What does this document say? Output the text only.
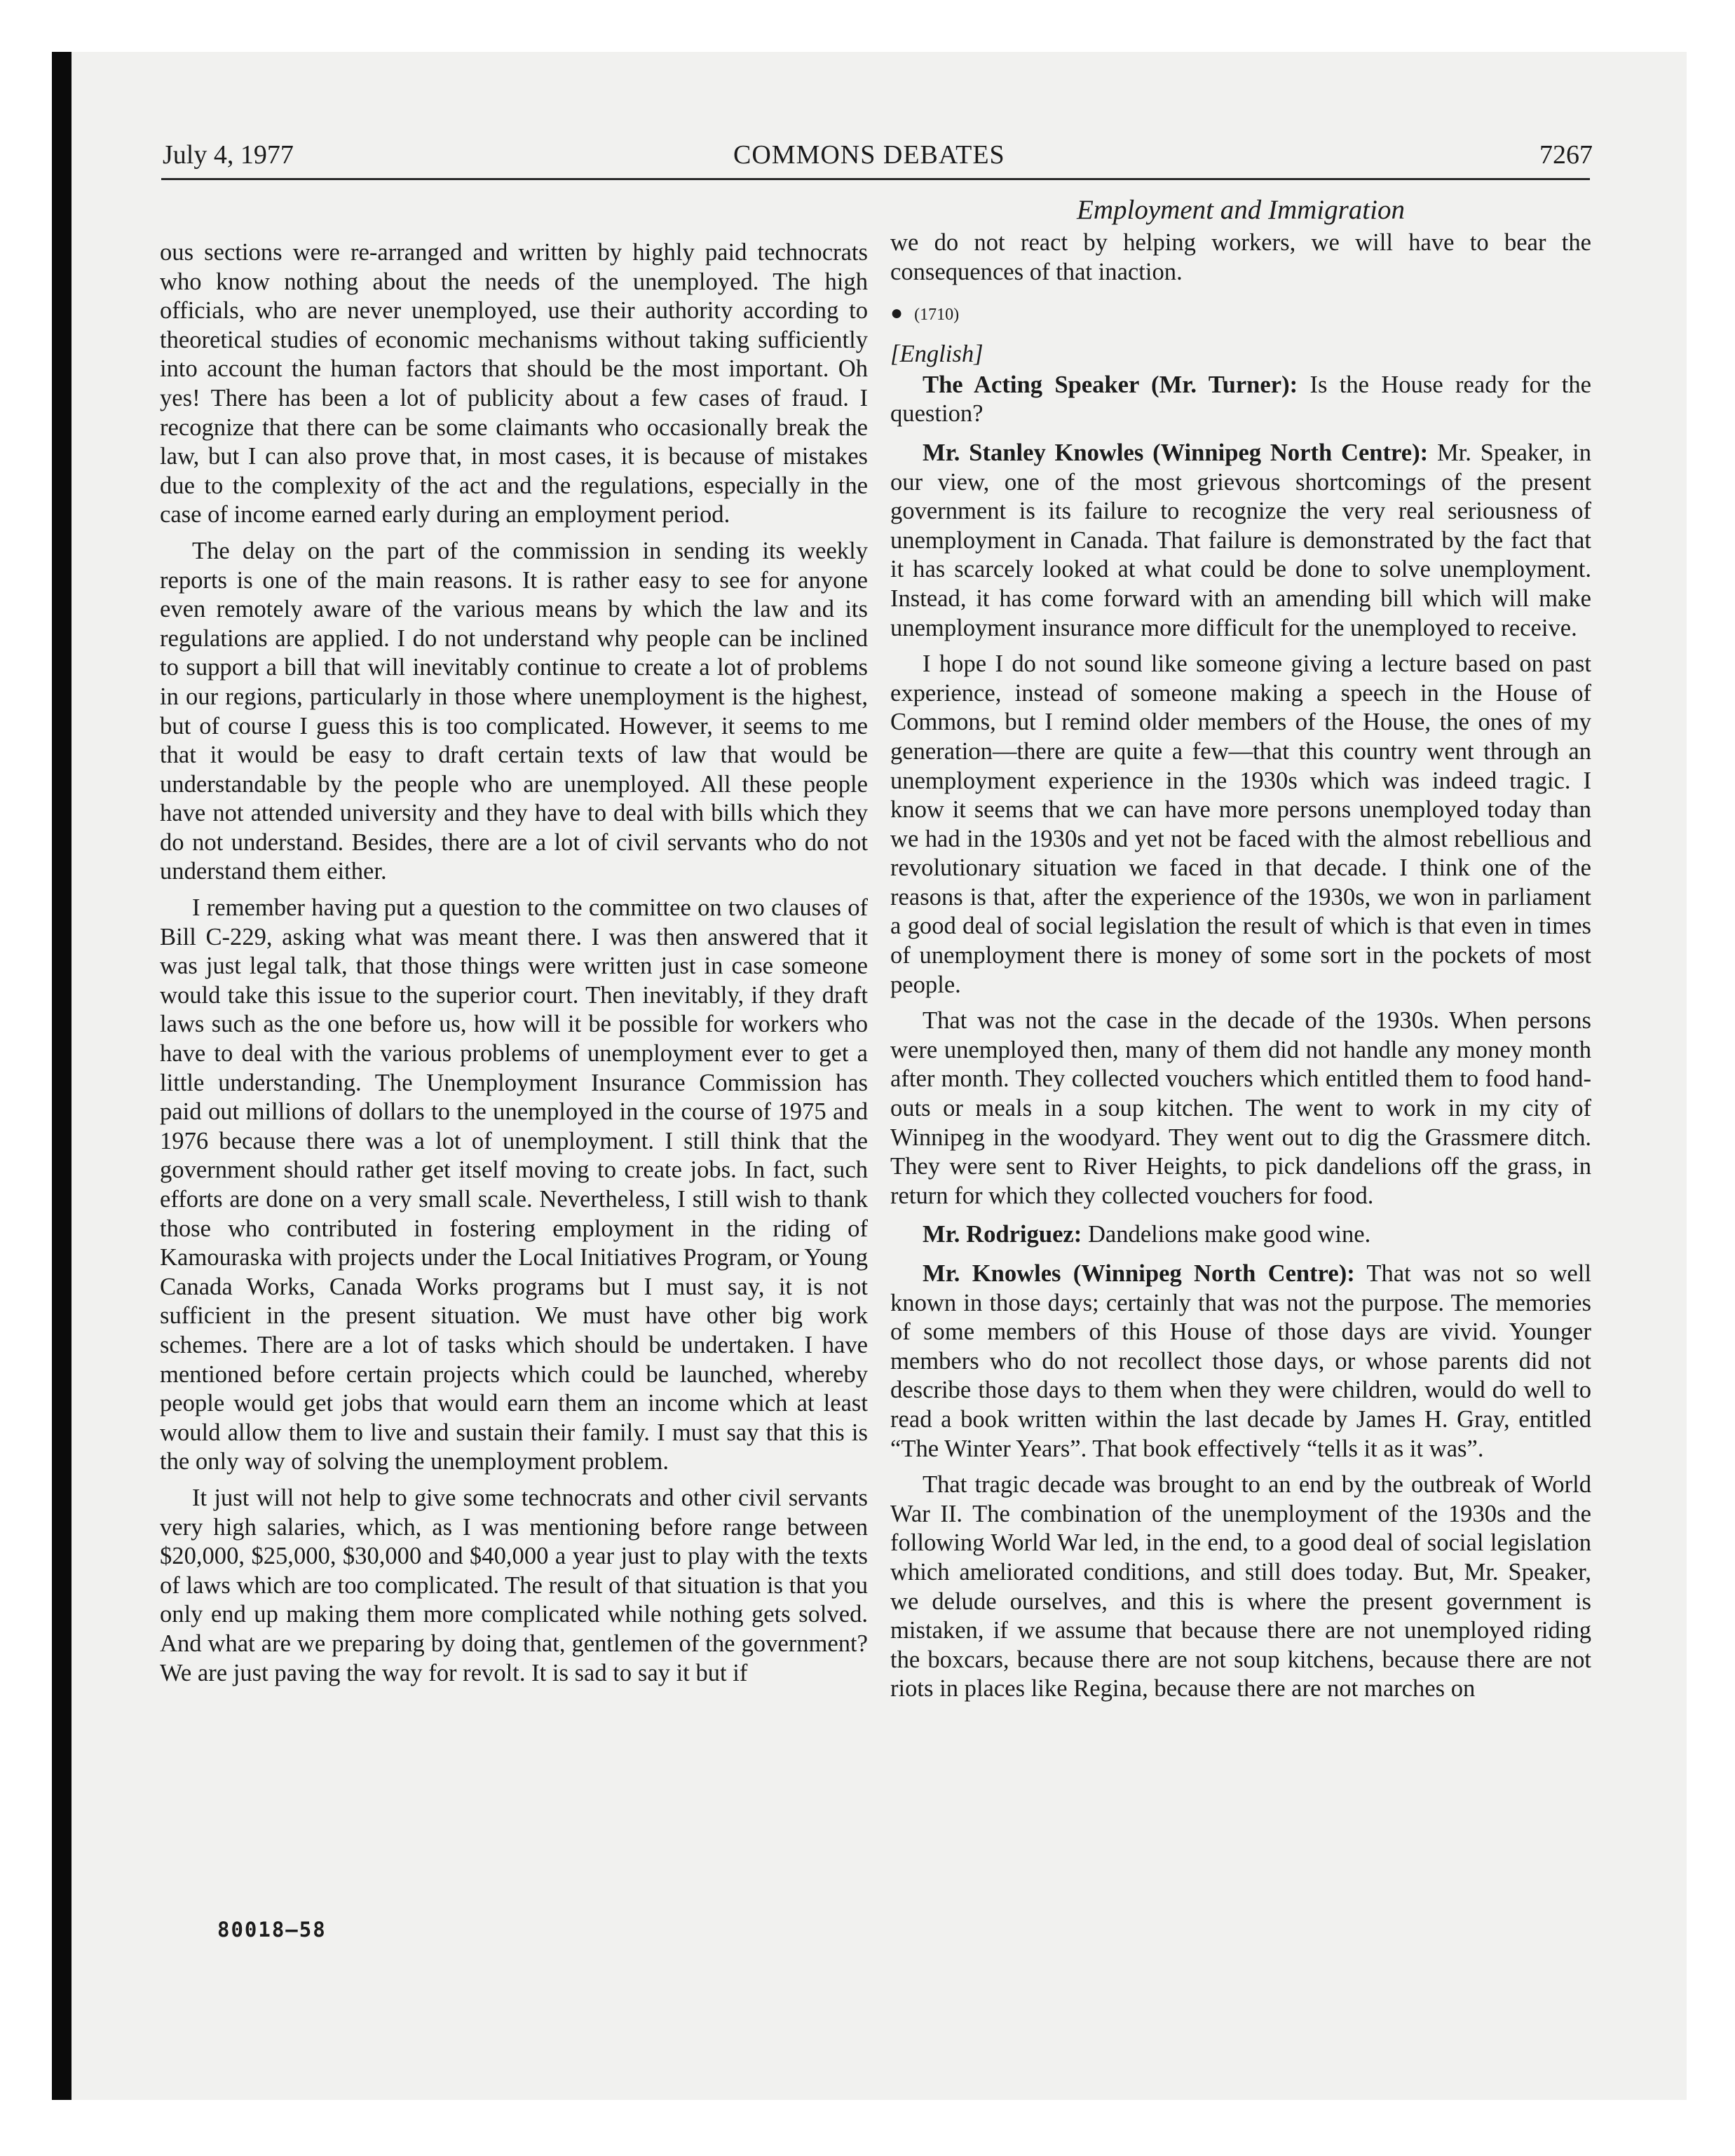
July 4, 1977	COMMONS DEBATES	7267
Employment and Immigration

ous sections were re-arranged and written by highly paid technocrats who know nothing about the needs of the unemployed. The high officials, who are never unemployed, use their authority according to theoretical studies of economic mechanisms without taking sufficiently into account the human factors that should be the most important. Oh yes! There has been a lot of publicity about a few cases of fraud. I recognize that there can be some claimants who occasionally break the law, but I can also prove that, in most cases, it is because of mistakes due to the complexity of the act and the regulations, especially in the case of income earned early during an employment period.

The delay on the part of the commission in sending its weekly reports is one of the main reasons. It is rather easy to see for anyone even remotely aware of the various means by which the law and its regulations are applied. I do not understand why people can be inclined to support a bill that will inevitably continue to create a lot of problems in our regions, particularly in those where unemployment is the highest, but of course I guess this is too complicated. However, it seems to me that it would be easy to draft certain texts of law that would be understandable by the people who are unemployed. All these people have not attended university and they have to deal with bills which they do not understand. Besides, there are a lot of civil servants who do not understand them either.

I remember having put a question to the committee on two clauses of Bill C-229, asking what was meant there. I was then answered that it was just legal talk, that those things were written just in case someone would take this issue to the superior court. Then inevitably, if they draft laws such as the one before us, how will it be possible for workers who have to deal with the various problems of unemployment ever to get a little understanding. The Unemployment Insurance Commission has paid out millions of dollars to the unemployed in the course of 1975 and 1976 because there was a lot of unemployment. I still think that the government should rather get itself moving to create jobs. In fact, such efforts are done on a very small scale. Nevertheless, I still wish to thank those who contributed in fostering employment in the riding of Kamouraska with projects under the Local Initiatives Program, or Young Canada Works, Canada Works programs but I must say, it is not sufficient in the present situation. We must have other big work schemes. There are a lot of tasks which should be undertaken. I have mentioned before certain projects which could be launched, whereby people would get jobs that would earn them an income which at least would allow them to live and sustain their family. I must say that this is the only way of solving the unemployment problem.

It just will not help to give some technocrats and other civil servants very high salaries, which, as I was mentioning before range between $20,000, $25,000, $30,000 and $40,000 a year just to play with the texts of laws which are too complicated. The result of that situation is that you only end up making them more complicated while nothing gets solved. And what are we preparing by doing that, gentlemen of the government? We are just paving the way for revolt. It is sad to say it but if

we do not react by helping workers, we will have to bear the consequences of that inaction.

● (1710)

[English]

The Acting Speaker (Mr. Turner): Is the House ready for the question?

Mr. Stanley Knowles (Winnipeg North Centre): Mr. Speaker, in our view, one of the most grievous shortcomings of the present government is its failure to recognize the very real seriousness of unemployment in Canada. That failure is demonstrated by the fact that it has scarcely looked at what could be done to solve unemployment. Instead, it has come forward with an amending bill which will make unemployment insurance more difficult for the unemployed to receive.

I hope I do not sound like someone giving a lecture based on past experience, instead of someone making a speech in the House of Commons, but I remind older members of the House, the ones of my generation—there are quite a few—that this country went through an unemployment experience in the 1930s which was indeed tragic. I know it seems that we can have more persons unemployed today than we had in the 1930s and yet not be faced with the almost rebellious and revolutionary situation we faced in that decade. I think one of the reasons is that, after the experience of the 1930s, we won in parliament a good deal of social legislation the result of which is that even in times of unemployment there is money of some sort in the pockets of most people.

That was not the case in the decade of the 1930s. When persons were unemployed then, many of them did not handle any money month after month. They collected vouchers which entitled them to food hand-outs or meals in a soup kitchen. The went to work in my city of Winnipeg in the woodyard. They went out to dig the Grassmere ditch. They were sent to River Heights, to pick dandelions off the grass, in return for which they collected vouchers for food.

Mr. Rodriguez: Dandelions make good wine.

Mr. Knowles (Winnipeg North Centre): That was not so well known in those days; certainly that was not the purpose. The memories of some members of this House of those days are vivid. Younger members who do not recollect those days, or whose parents did not describe those days to them when they were children, would do well to read a book written within the last decade by James H. Gray, entitled “The Winter Years”. That book effectively “tells it as it was”.

That tragic decade was brought to an end by the outbreak of World War II. The combination of the unemployment of the 1930s and the following World War led, in the end, to a good deal of social legislation which ameliorated conditions, and still does today. But, Mr. Speaker, we delude ourselves, and this is where the present government is mistaken, if we assume that because there are not unemployed riding the boxcars, because there are not soup kitchens, because there are not riots in places like Regina, because there are not marches on

80018—58
